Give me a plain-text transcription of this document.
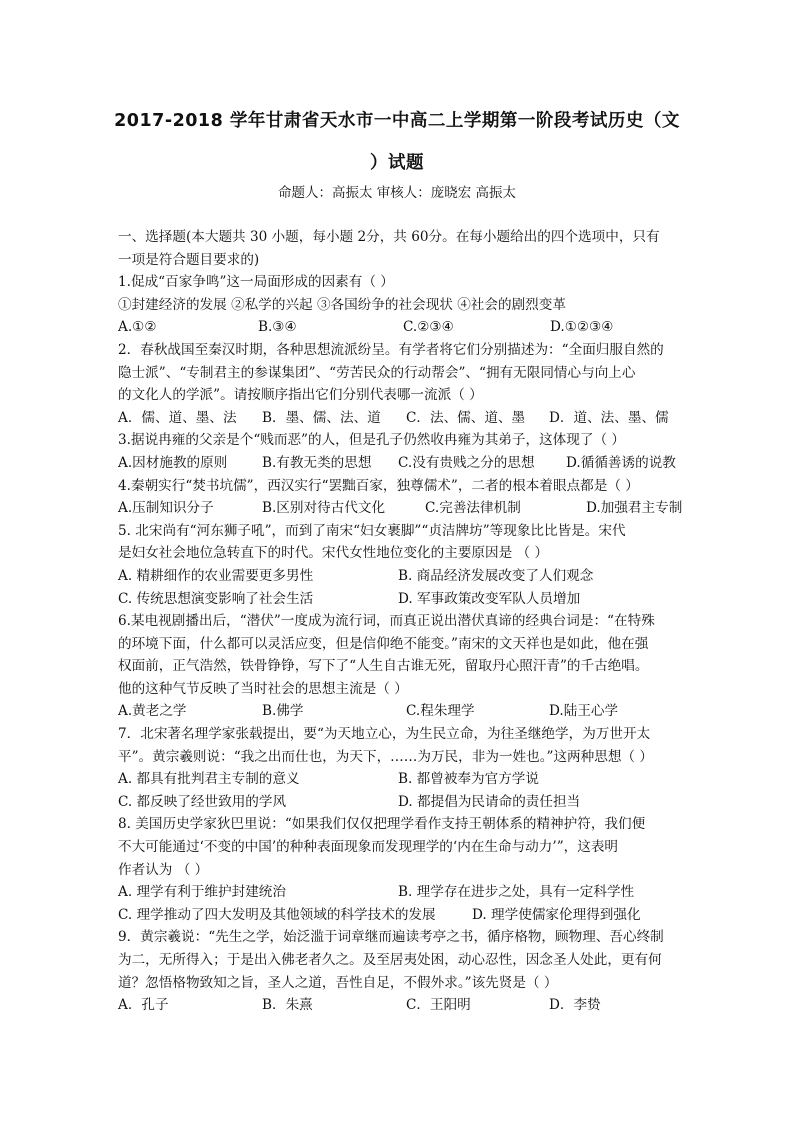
2017-2018 学年甘肃省天水市一中高二上学期第一阶段考试历史（文
）试题
命题人：高振太 审核人：庞晓宏 高振太
一、选择题(本大题共 30 小题，每小题 2分，共 60分。在每小题给出的四个选项中，只有
一项是符合题目要求的)
1.促成“百家争鸣”这一局面形成的因素有（ ）
①封建经济的发展 ②私学的兴起 ③各国纷争的社会现状 ④社会的剧烈变革
A.①②	B.③④	C.②③④	D.①②③④
2．春秋战国至秦汉时期，各种思想流派纷呈。有学者将它们分别描述为：“全面归服自然的
隐士派”、“专制君主的参谋集团”、“劳苦民众的行动帮会”、“拥有无限同情心与向上心
的文化人的学派”。请按顺序指出它们分别代表哪一流派（ ）
A．儒、道、墨、法 B．墨、儒、法、道 C．法、儒、道、墨 D．道、法、墨、儒
3.据说冉雍的父亲是个“贱而恶”的人，但是孔子仍然收冉雍为其弟子，这体现了（ ）
A.因材施教的原则	B.有教无类的思想 C.没有贵贱之分的思想 D.循循善诱的说教
4.秦朝实行“焚书坑儒”，西汉实行“罢黜百家，独尊儒术”，二者的根本着眼点都是（ ）
A.压制知识分子	B.区别对待古代文化	C.完善法律机制	D.加强君主专制
5. 北宋尚有“河东狮子吼”，而到了南宋“妇女裹脚”“贞洁牌坊”等现象比比皆是。宋代
是妇女社会地位急转直下的时代。宋代女性地位变化的主要原因是 （ ）
A. 精耕细作的农业需要更多男性	B. 商品经济发展改变了人们观念
C. 传统思想演变影响了社会生活	D. 军事政策改变军队人员增加
6.某电视剧播出后，“潜伏”一度成为流行词，而真正说出潜伏真谛的经典台词是：“在特殊
的环境下面，什么都可以灵活应变，但是信仰绝不能变。”南宋的文天祥也是如此，他在强
权面前，正气浩然，铁骨铮铮，写下了“人生自古谁无死，留取丹心照汗青”的千古绝唱。
他的这种气节反映了当时社会的思想主流是（ ）
A.黄老之学	B.佛学	C.程朱理学	D.陆王心学
7．北宋著名理学家张载提出，要“为天地立心，为生民立命，为往圣继绝学，为万世开太
平”。黄宗羲则说：“我之出而仕也，为天下，……为万民，非为一姓也。”这两种思想（ ）
A. 都具有批判君主专制的意义	B. 都曾被奉为官方学说
C. 都反映了经世致用的学风	D. 都提倡为民请命的责任担当
8. 美国历史学家狄巴里说：“如果我们仅仅把理学看作支持王朝体系的精神护符，我们便
不大可能通过‘不变的中国’的种种表面现象而发现理学的‘内在生命与动力’”，这表明
作者认为 （ ）
A. 理学有利于维护封建统治	B. 理学存在进步之处，具有一定科学性
C. 理学推动了四大发明及其他领域的科学技术的发展	D. 理学使儒家伦理得到强化
9．黄宗羲说：“先生之学，始泛滥于词章继而遍读考亭之书，循序格物，顾物理、吾心终制
为二，无所得入；于是出入佛老者久之。及至居夷处困，动心忍性，因念圣人处此，更有何
道？忽悟格物致知之旨，圣人之道，吾性自足，不假外求。”该先贤是（ ）
A．孔子	B．朱熹	C．王阳明	D．李贽
